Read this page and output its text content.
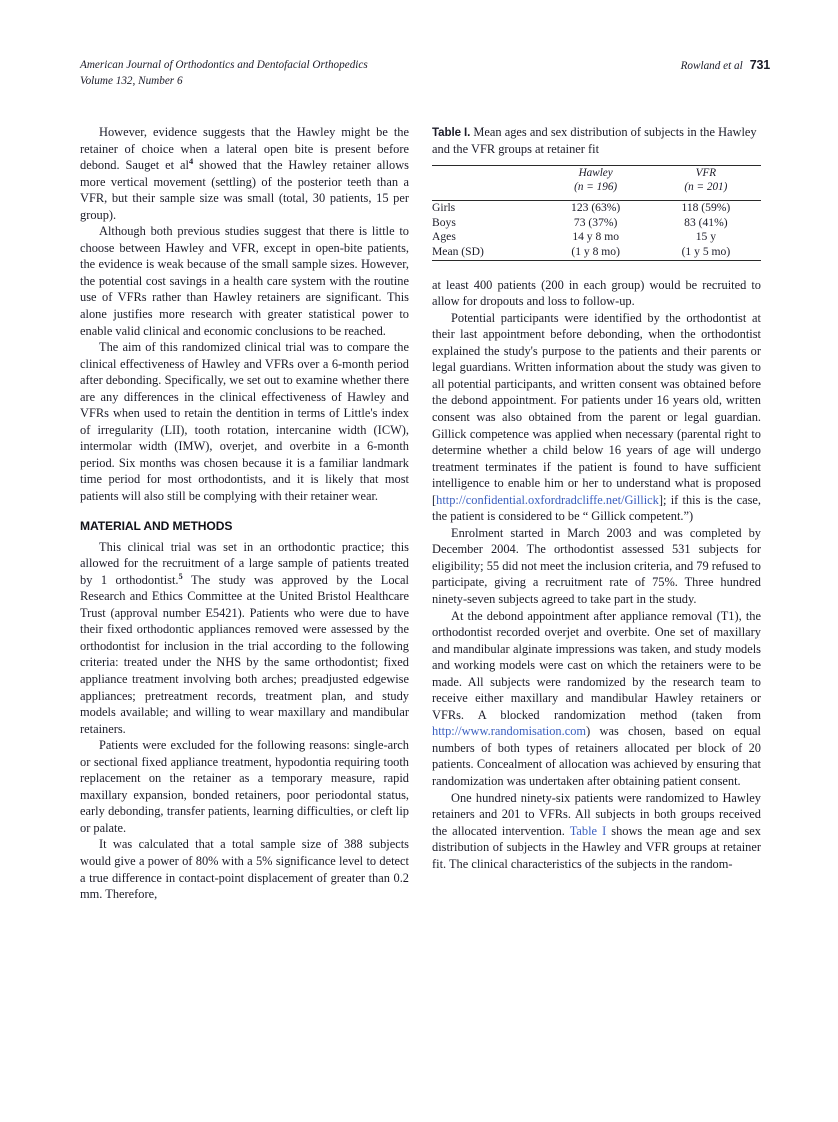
American Journal of Orthodontics and Dentofacial Orthopedics
Volume 132, Number 6
Rowland et al 731

However, evidence suggests that the Hawley might be the retainer of choice when a lateral open bite is present before debond. Sauget et $al^4$ showed that the Hawley retainer allows more vertical movement (settling) of the posterior teeth than a VFR, but their sample size was small (total, 30 patients, 15 per group).

Although both previous studies suggest that there is little to choose between Hawley and VFR, except in open-bite patients, the evidence is weak because of the small sample sizes. However, the potential cost savings in a health care system with the routine use of VFRs rather than Hawley retainers are significant. This alone justifies more research with greater statistical power to enable valid clinical and economic conclusions to be reached.

The aim of this randomized clinical trial was to compare the clinical effectiveness of Hawley and VFRs over a 6-month period after debonding. Specifically, we set out to examine whether there are any differences in the clinical effectiveness of Hawley and VFRs when used to retain the dentition in terms of Little's index of irregularity (LII), tooth rotation, intercanine width (ICW), intermolar width (IMW), overjet, and overbite in a 6-month period. Six months was chosen because it is a familiar landmark time period for most orthodontists, and it is likely that most patients will also still be complying with their retainer wear.

MATERIAL AND METHODS

This clinical trial was set in an orthodontic practice; this allowed for the recruitment of a large sample of patients treated by 1 orthodontist.$^5$ The study was approved by the Local Research and Ethics Committee at the United Bristol Healthcare Trust (approval number E5421). Patients who were due to have their fixed orthodontic appliances removed were assessed by the orthodontist for inclusion in the trial according to the following criteria: treated under the NHS by the same orthodontist; fixed appliance treatment involving both arches; preadjusted edgewise appliances; pretreatment records, treatment plan, and study models available; and willing to wear maxillary and mandibular retainers.

Patients were excluded for the following reasons: single-arch or sectional fixed appliance treatment, hypodontia requiring tooth replacement on the retainer as a temporary measure, rapid maxillary expansion, bonded retainers, poor periodontal status, early debonding, transfer patients, learning difficulties, or cleft lip or palate.

It was calculated that a total sample size of 388 subjects would give a power of 80% with a 5% significance level to detect a true difference in contact-point displacement of greater than 0.2 mm. Therefore,

Table I. Mean ages and sex distribution of subjects in the Hawley and the VFR groups at retainer fit

Hawley
(n = 196)

VFR
(n = 201)

Girls	123 (63%)	118 (59%)
Boys	73 (37%)	83 (41%)
Ages	14 y 8 mo	15 y
Mean (SD)	(1 y 8 mo)	(1 y 5 mo)

at least 400 patients (200 in each group) would be recruited to allow for dropouts and loss to follow-up.

Potential participants were identified by the orthodontist at their last appointment before debonding, when the orthodontist explained the study's purpose to the patients and their parents or legal guardians. Written information about the study was given to all potential participants, and written consent was obtained before the debond appointment. For patients under 16 years old, written consent was also obtained from the parent or legal guardian. Gillick competence was applied when necessary (parental right to determine whether a child below 16 years of age will undergo treatment terminates if the patient is found to have sufficient intelligence to enable him or her to understand what is proposed [http://confidential.oxfordradcliffe.net/Gillick]; if this is the case, the patient is considered to be “ Gillick competent.”)

Enrolment started in March 2003 and was completed by December 2004. The orthodontist assessed 531 subjects for eligibility; 55 did not meet the inclusion criteria, and 79 refused to participate, giving a recruitment rate of 75%. Three hundred ninety-seven subjects agreed to take part in the study.

At the debond appointment after appliance removal (T1), the orthodontist recorded overjet and overbite. One set of maxillary and mandibular alginate impressions was taken, and study models and working models were cast on which the retainers were to be made. All subjects were randomized by the research team to receive either maxillary and mandibular Hawley retainers or VFRs. A blocked randomization method (taken from http://www.randomisation.com) was chosen, based on equal numbers of both types of retainers allocated per block of 20 patients. Concealment of allocation was achieved by ensuring that randomization was undertaken after obtaining patient consent.

One hundred ninety-six patients were randomized to Hawley retainers and 201 to VFRs. All subjects in both groups received the allocated intervention. Table I shows the mean age and sex distribution of subjects in the Hawley and VFR groups at retainer fit. The clinical characteristics of the subjects in the random-
